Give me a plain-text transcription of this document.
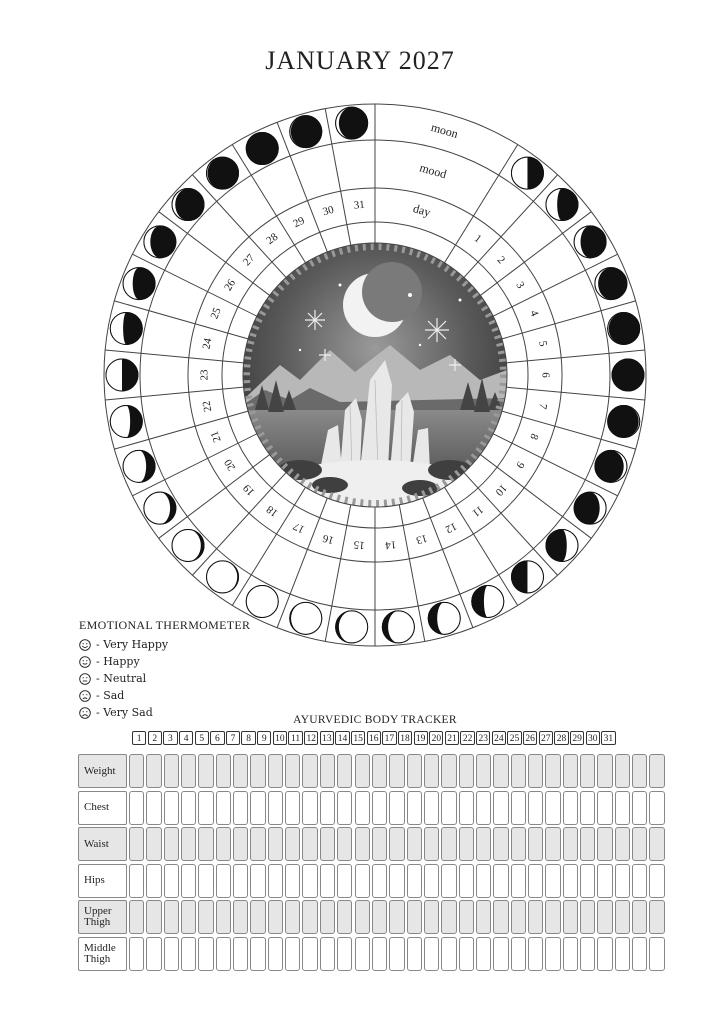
JANUARY 2027
1
2
3
4
5
6
7
8
9
10
11
12
13
14
15
16
17
18
19
20
21
22
23
24
25
26
27
28
29
30 31
moon
mood
day
EMOTIONAL THERMOMETER
- Very Happy
- Happy
- Neutral
- Sad
- Very Sad
AYURVEDIC BODY TRACKER
1	2	3	4	5	6	7	8	9 10 11 12 13 14 15 16 17 18 19 20 21 22 23 24 25 26 27 28 29 30 31
Weight
Chest
Waist
Hips
Upper Thigh
Middle Thigh
